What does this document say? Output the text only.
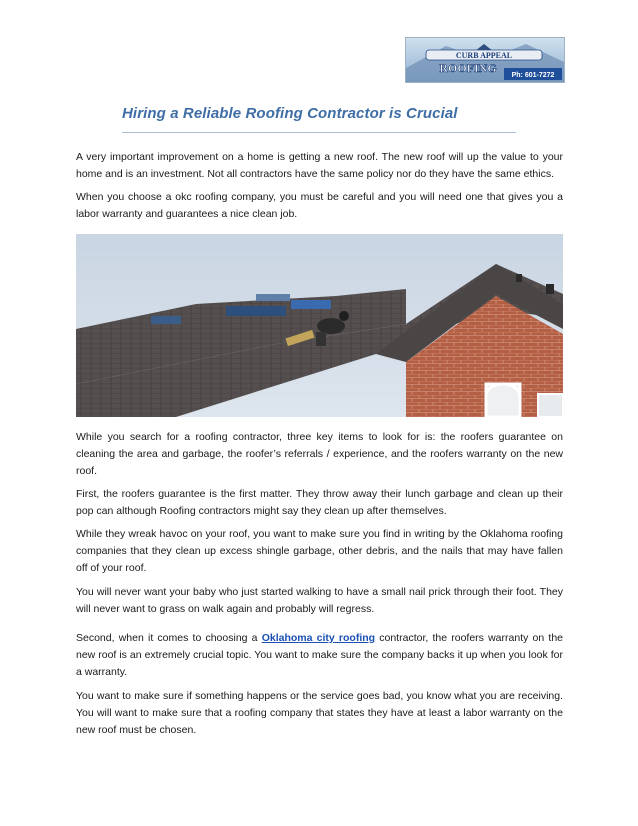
CURB APPEAL
ROOFING
Ph: 601-7272
Hiring a Reliable Roofing Contractor is Crucial

A very important improvement on a home is getting a new roof. The new roof will up the value to your home and is an investment. Not all contractors have the same policy nor do they have the same ethics.

When you choose a okc roofing company, you must be careful and you will need one that gives you a labor warranty and guarantees a nice clean job.

While you search for a roofing contractor, three key items to look for is: the roofers guarantee on cleaning the area and garbage, the roofer’s referrals / experience, and the roofers warranty on the new roof.

First, the roofers guarantee is the first matter. They throw away their lunch garbage and clean up their pop can although Roofing contractors might say they clean up after themselves.

While they wreak havoc on your roof, you want to make sure you find in writing by the Oklahoma roofing companies that they clean up excess shingle garbage, other debris, and the nails that may have fallen off of your roof.

You will never want your baby who just started walking to have a small nail prick through their foot. They will never want to grass on walk again and probably will regress.

Second, when it comes to choosing a Oklahoma city roofing contractor, the roofers warranty on the new roof is an extremely crucial topic. You want to make sure the company backs it up when you look for a warranty.

You want to make sure if something happens or the service goes bad, you know what you are receiving. You will want to make sure that a roofing company that states they have at least a labor warranty on the new roof must be chosen.
